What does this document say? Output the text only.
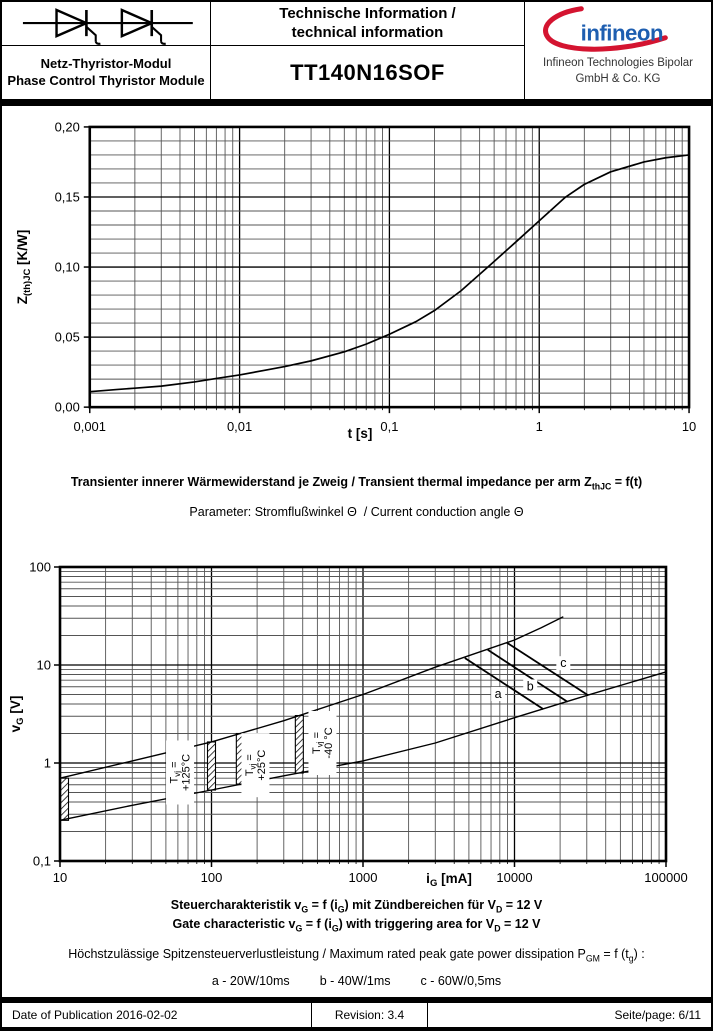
Netz-Thyristor-Modul
Phase Control Thyristor Module
Technische Information /
technical information
TT140N16SOF
infineon
Infineon Technologies Bipolar
GmbH & Co. KG
0,001	0,01	0,1	1	10
0,00
0,05
0,10
0,15
0,20
t [s]
$Z_{(th)JC}$ [K/W]
Transienter innerer Wärmewiderstand je Zweig / Transient thermal impedance per arm $Z_{thJC} = f(t)$
Parameter: Stromflußwinkel Θ  / Current conduction angle Θ
$T_{vj} = +125^\circ C$	$T_{vj} = +25^\circ C$	$T_{vj} = -40$ °C
a
b
c
10	100	1000	10000	100000
0,1
1
10
100
$i_G$ [mA]
$v_G$ [V]
Steuercharakteristik $v_G = f$ $(i_G)$ mit Zündbereichen für $V_D = 12$ V
Gate characteristic $v_G = f$ $(i_G)$ with triggering area for $V_D = 12$ V
Höchstzulässige Spitzensteuerverlustleistung / Maximum rated peak gate power dissipation $P_{GM} = f$ $(t_g)$ :
a - 20W/10ms b - 40W/1ms c - 60W/0,5ms
Date of Publication 2016-02-02	Revision: 3.4	Seite/page: 6/11
